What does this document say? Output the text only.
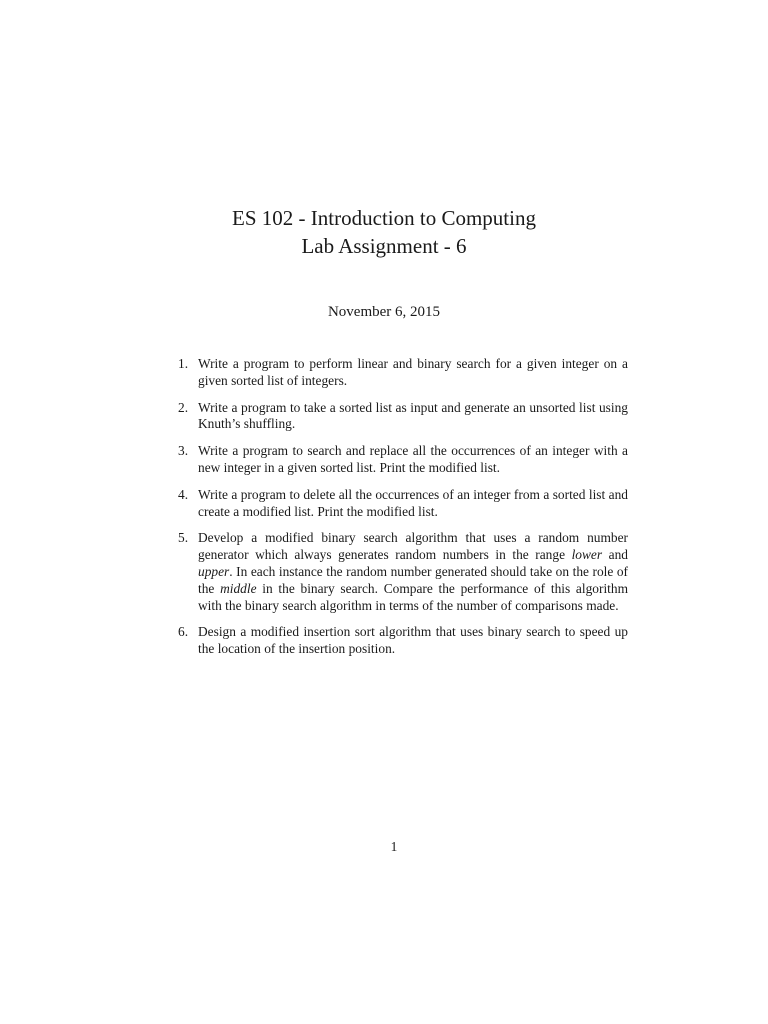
ES 102 - Introduction to Computing
Lab Assignment - 6
November 6, 2015
1. Write a program to perform linear and binary search for a given integer on a given sorted list of integers.
2. Write a program to take a sorted list as input and generate an unsorted list using Knuth’s shuffling.
3. Write a program to search and replace all the occurrences of an integer with a new integer in a given sorted list. Print the modified list.
4. Write a program to delete all the occurrences of an integer from a sorted list and create a modified list. Print the modified list.
5. Develop a modified binary search algorithm that uses a random number generator which always generates random numbers in the range lower and upper. In each instance the random number generated should take on the role of the middle in the binary search. Compare the performance of this algorithm with the binary search algorithm in terms of the number of comparisons made.
6. Design a modified insertion sort algorithm that uses binary search to speed up the location of the insertion position.
1
